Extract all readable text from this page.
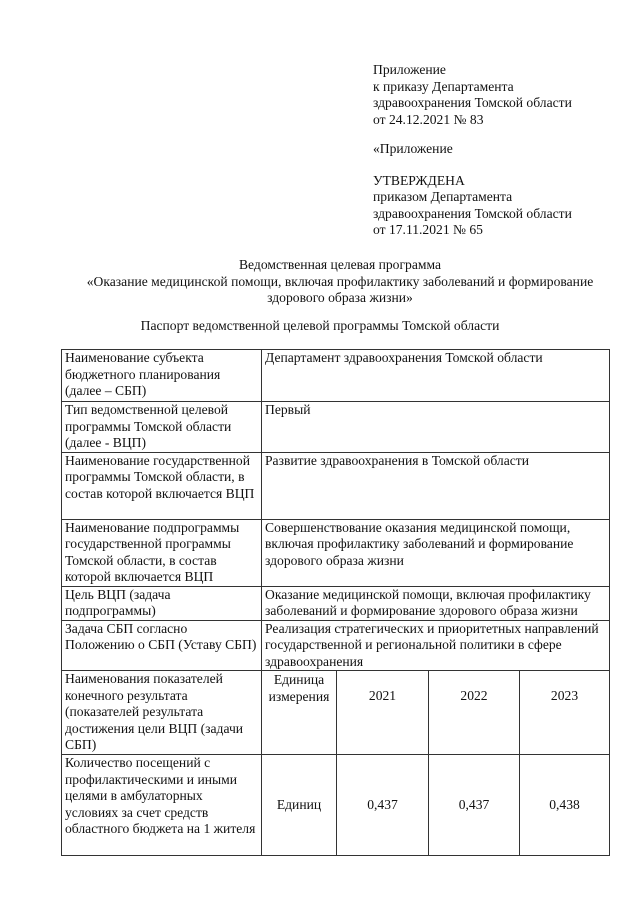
Приложение
к приказу Департамента
здравоохранения Томской области
от 24.12.2021 № 83
«Приложение
УТВЕРЖДЕНА
приказом Департамента
здравоохранения Томской области
от 17.11.2021 № 65
Ведомственная целевая программа
«Оказание медицинской помощи, включая профилактику заболеваний и формирование
здорового образа жизни»
Паспорт ведомственной целевой программы Томской области
Наименование субъекта бюджетного планирования (далее – СБП)	Департамент здравоохранения Томской области			
Тип ведомственной целевой программы Томской области (далее - ВЦП)	Первый			
Наименование государственной программы Томской области, в состав которой включается ВЦП	Развитие здравоохранения в Томской области			
Наименование подпрограммы государственной программы Томской области, в состав которой включается ВЦП	Совершенствование оказания медицинской помощи, включая профилактику заболеваний и формирование здорового образа жизни			
Цель ВЦП (задача подпрограммы)	Оказание медицинской помощи, включая профилактику заболеваний и формирование здорового образа жизни			
Задача СБП согласно Положению о СБП (Уставу СБП)	Реализация стратегических и приоритетных направлений государственной и региональной политики в сфере здравоохранения			
Наименования показателей конечного результата (показателей результата достижения цели ВЦП (задачи СБП)	Единица измерения	2021	2022	2023
Количество посещений с профилактическими и иными целями в амбулаторных условиях за счет средств областного бюджета на 1 жителя	Единиц	0,437	0,437	0,438
